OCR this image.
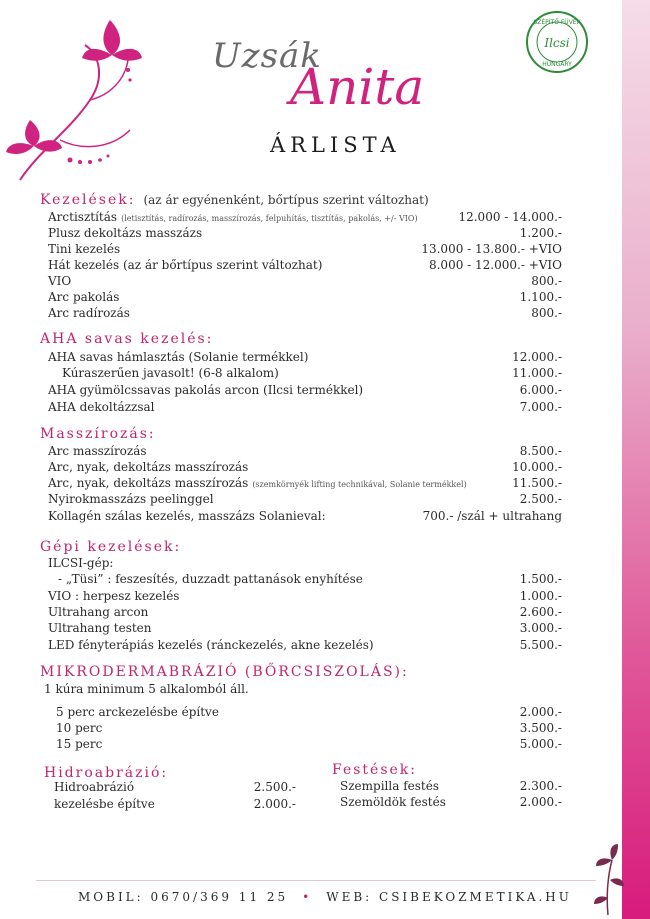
SZÉPÍTŐ FÜVEK
Ilcsi
HUNGARY
Uzsák
Anita
ÁRLISTA
Kezelések: (az ár egyénenként, bőrtípus szerint változhat)
Arctisztítás (letisztítás, radírozás, masszírozás, felpuhítás, tisztítás, pakolás, +/- VIO)	12.000 - 14.000.-
Plusz dekoltázs masszázs	1.200.-
Tini kezelés	13.000 - 13.800.- +VIO
Hát kezelés (az ár bőrtípus szerint változhat)	8.000 - 12.000.- +VIO
VIO	800.-
Arc pakolás	1.100.-
Arc radírozás	800.-
AHA savas kezelés:
AHA savas hámlasztás (Solanie termékkel)	12.000.-
Kúraszerűen javasolt! (6-8 alkalom)	11.000.-
AHA gyümölcssavas pakolás arcon (Ilcsi termékkel)	6.000.-
AHA dekoltázzsal	7.000.-
Masszírozás:
Arc masszírozás	8.500.-
Arc, nyak, dekoltázs masszírozás	10.000.-
Arc, nyak, dekoltázs masszírozás (szemkörnyék lifting technikával, Solanie termékkel)	11.500.-
Nyirokmasszázs peelinggel	2.500.-
Kollagén szálas kezelés, masszázs Solanieval:	700.- /szál + ultrahang
Gépi kezelések:
ILCSI-gép:
- „Tüsi” : feszesítés, duzzadt pattanások enyhítése	1.500.-
VIO : herpesz kezelés	1.000.-
Ultrahang arcon	2.600.-
Ultrahang testen	3.000.-
LED fényterápiás kezelés (ránckezelés, akne kezelés)	5.500.-
MIKRODERMABRÁZIÓ (BŐRCSISZOLÁS):
1 kúra minimum 5 alkalomból áll.
5 perc arckezelésbe építve	2.000.-
10 perc	3.500.-
15 perc	5.000.-
Hidroabrázió:
Hidroabrázió	2.500.-
kezelésbe építve	2.000.-
Festések:
Szempilla festés	2.300.-
Szemöldök festés	2.000.-
MOBIL: 0670/369 11 25 • WEB: CSIBEKOZMETIKA.HU
